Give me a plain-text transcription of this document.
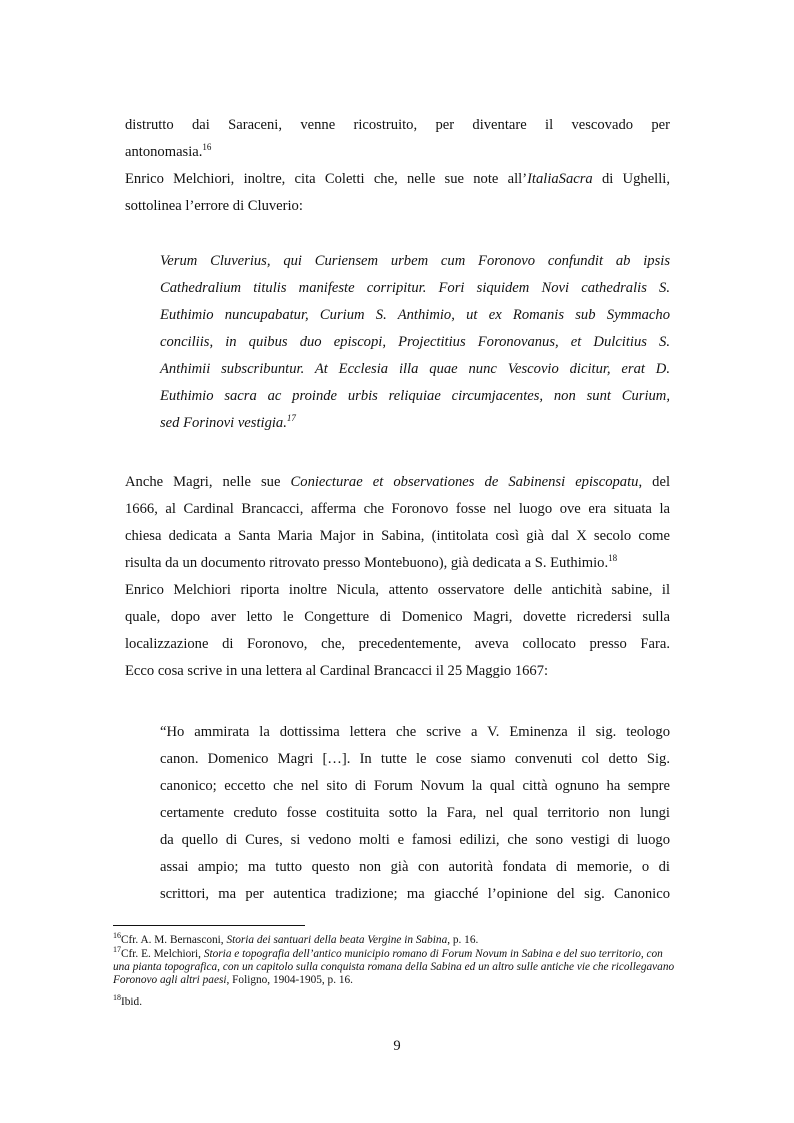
distrutto dai Saraceni, venne ricostruito, per diventare il vescovado per
antonomasia.$^{16}$

Enrico Melchiori, inoltre, cita Coletti che, nelle sue note all’ItaliaSacra di Ughelli,
sottolinea l’errore di Cluverio:

Verum Cluverius, qui Curiensem urbem cum Foronovo confundit ab ipsis
Cathedralium titulis manifeste corripitur. Fori siquidem Novi cathedralis S.
Euthimio nuncupabatur, Curium S. Anthimio, ut ex Romanis sub Symmacho
conciliis, in quibus duo episcopi, Projectitius Foronovanus, et Dulcitius S.
Anthimii subscribuntur. At Ecclesia illa quae nunc Vescovio dicitur, erat D.
Euthimio sacra ac proinde urbis reliquiae circumjacentes, non sunt Curium,
sed Forinovi vestigia.$^{17}$

Anche Magri, nelle sue Coniecturae et observationes de Sabinensi episcopatu, del
1666, al Cardinal Brancacci, afferma che Foronovo fosse nel luogo ove era situata la
chiesa dedicata a Santa Maria Major in Sabina, (intitolata così già dal X secolo come
risulta da un documento ritrovato presso Montebuono), già dedicata a S. Euthimio.$^{18}$

Enrico Melchiori riporta inoltre Nicula, attento osservatore delle antichità sabine, il
quale, dopo aver letto le Congetture di Domenico Magri, dovette ricredersi sulla
localizzazione di Foronovo, che, precedentemente, aveva collocato presso Fara.
Ecco cosa scrive in una lettera al Cardinal Brancacci il 25 Maggio 1667:

“Ho ammirata la dottissima lettera che scrive a V. Eminenza il sig. teologo
canon. Domenico Magri […]. In tutte le cose siamo convenuti col detto Sig.
canonico; eccetto che nel sito di Forum Novum la qual città ognuno ha sempre
certamente creduto fosse costituita sotto la Fara, nel qual territorio non lungi
da quello di Cures, si vedono molti e famosi edilizi, che sono vestigi di luogo
assai ampio; ma tutto questo non già con autorità fondata di memorie, o di
scrittori, ma per autentica tradizione; ma giacché l’opinione del sig. Canonico

$^{16}$Cfr. A. M. Bernasconi, Storia dei santuari della beata Vergine in Sabina, p. 16.

$^{17}$Cfr. E. Melchiori, Storia e topografia dell’antico municipio romano di Forum Novum in Sabina e del suo territorio, con una pianta topografica, con un capitolo sulla conquista romana della Sabina ed un altro sulle antiche vie che ricollegavano Foronovo agli altri paesi, Foligno, 1904-1905, p. 16.

$^{18}$Ibid.

9
